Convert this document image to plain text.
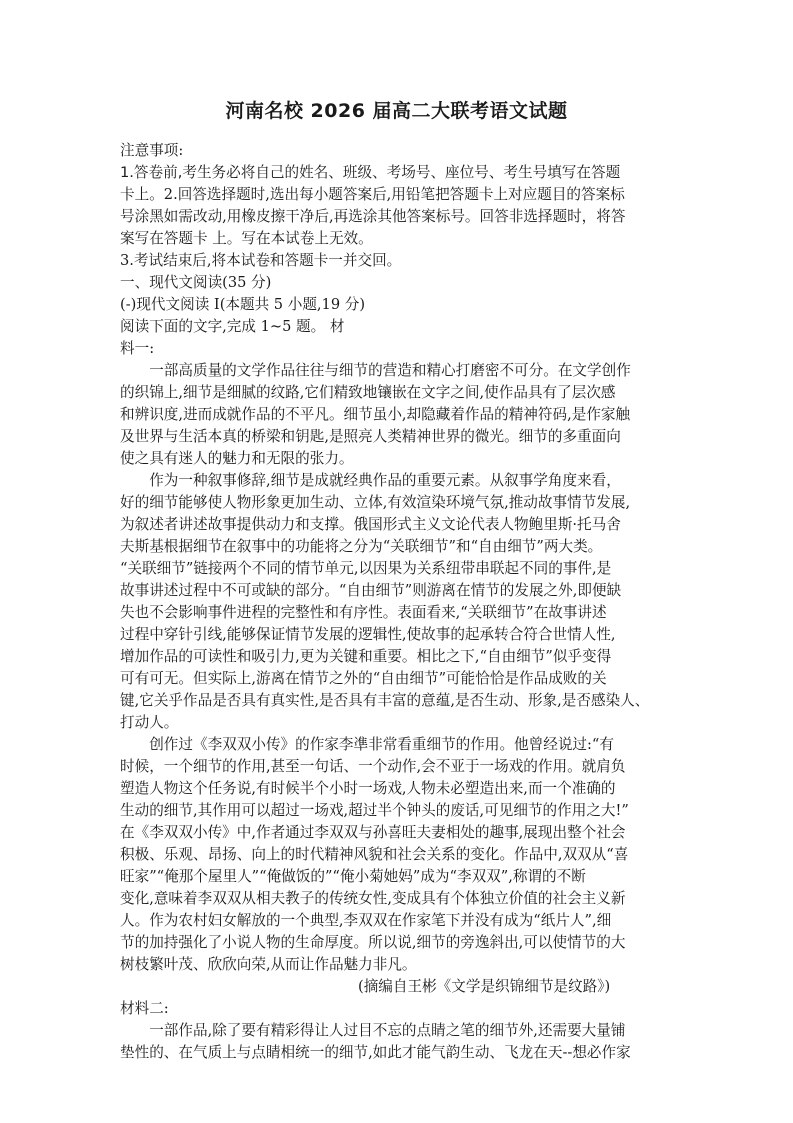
河南名校 2026 届高二大联考语文试题
注意事项:
1.答卷前,考生务必将自己的姓名、班级、考场号、座位号、考生号填写在答题
卡上。2.回答选择题时,选出每小题答案后,用铅笔把答题卡上对应题目的答案标
号涂黑如需改动,用橡皮擦干净后,再选涂其他答案标号。回答非选择题时，将答
案写在答题卡 上。写在本试卷上无效。
3.考试结束后,将本试卷和答题卡一并交回。
一、现代文阅读(35 分)
(-)现代文阅读 I(本题共 5 小题,19 分)
阅读下面的文字,完成 1~5 题。 材
料一:
　　一部高质量的文学作品往往与细节的营造和精心打磨密不可分。在文学创作
的织锦上,细节是细腻的纹路,它们精致地镶嵌在文字之间,使作品具有了层次感
和辨识度,进而成就作品的不平凡。细节虽小,却隐藏着作品的精神符码,是作家触
及世界与生活本真的桥梁和钥匙,是照亮人类精神世界的微光。细节的多重面向
使之具有迷人的魅力和无限的张力。
　　作为一种叙事修辞,细节是成就经典作品的重要元素。从叙事学角度来看，
好的细节能够使人物形象更加生动、立体,有效渲染环境气氛,推动故事情节发展,
为叙述者讲述故事提供动力和支撑。俄国形式主义文论代表人物鲍里斯·托马舍
夫斯基根据细节在叙事中的功能将之分为“关联细节”和“自由细节”两大类。
“关联细节”链接两个不同的情节单元,以因果为关系纽带串联起不同的事件,是
故事讲述过程中不可或缺的部分。“自由细节”则游离在情节的发展之外,即便缺
失也不会影响事件进程的完整性和有序性。表面看来,“关联细节”在故事讲述
过程中穿针引线,能够保证情节发展的逻辑性,使故事的起承转合符合世情人性,
增加作品的可读性和吸引力,更为关键和重要。相比之下,“自由细节”似乎变得
可有可无。但实际上,游离在情节之外的“自由细节”可能恰恰是作品成败的关
键,它关乎作品是否具有真实性,是否具有丰富的意蕴,是否生动、形象,是否感染人、
打动人。
　　创作过《李双双小传》的作家李凖非常看重细节的作用。他曾经说过:“有
时候，一个细节的作用,甚至一句话、一个动作,会不亚于一场戏的作用。就肩负
塑造人物这个任务说,有时候半个小时一场戏,人物未必塑造出来,而一个准确的
生动的细节,其作用可以超过一场戏,超过半个钟头的废话,可见细节的作用之大!”
在《李双双小传》中,作者通过李双双与孙喜旺夫妻相处的趣事,展现出整个社会
积极、乐观、昂扬、向上的时代精神风貌和社会关系的变化。作品中,双双从“喜
旺家”“俺那个屋里人”“俺做饭的”“俺小菊她妈”成为“李双双”,称谓的不断
变化,意味着李双双从相夫教子的传统女性,变成具有个体独立价值的社会主义新
人。作为农村妇女解放的一个典型,李双双在作家笔下并没有成为“纸片人”,细
节的加持强化了小说人物的生命厚度。所以说,细节的旁逸斜出,可以使情节的大
树枝繁叶茂、欣欣向荣,从而让作品魅力非凡。
(摘编自王彬《文学是织锦细节是纹路》)
材料二:
　　一部作品,除了要有精彩得让人过目不忘的点睛之笔的细节外,还需要大量铺
垫性的、在气质上与点睛相统一的细节,如此才能气韵生动、飞龙在天--想必作家
